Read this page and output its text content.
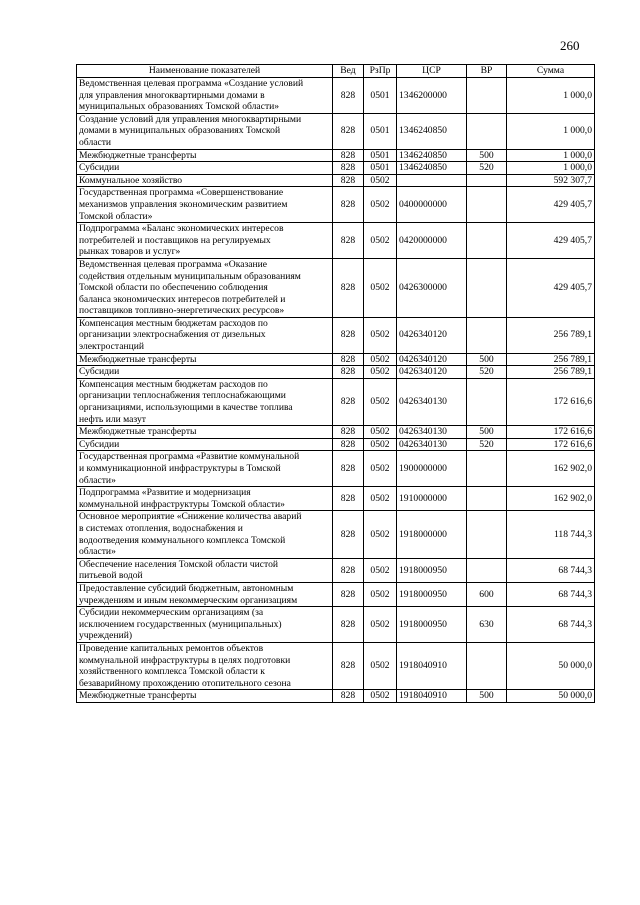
260
Наименование показателей	Вед	РзПр	ЦСР	ВР	Сумма

Ведомственная целевая программа «Создание условий
для управления многоквартирными домами в
муниципальных образованиях Томской области»	828	0501	1346200000		1 000,0

Создание условий для управления многоквартирными
домами в муниципальных образованиях Томской
области	828	0501	1346240850		1 000,0

Межбюджетные трансферты	828	0501	1346240850	500	1 000,0

Субсидии	828	0501	1346240850	520	1 000,0

Коммунальное хозяйство	828	0502			592 307,7

Государственная программа «Совершенствование
механизмов управления экономическим развитием
Томской области»	828	0502	0400000000		429 405,7

Подпрограмма «Баланс экономических интересов
потребителей и поставщиков на регулируемых
рынках товаров и услуг»	828	0502	0420000000		429 405,7

Ведомственная целевая программа «Оказание
содействия отдельным муниципальным образованиям
Томской области по обеспечению соблюдения
баланса экономических интересов потребителей и
поставщиков топливно-энергетических ресурсов»	828	0502	0426300000		429 405,7

Компенсация местным бюджетам расходов по
организации электроснабжения от дизельных
электростанций	828	0502	0426340120		256 789,1

Межбюджетные трансферты	828	0502	0426340120	500	256 789,1

Субсидии	828	0502	0426340120	520	256 789,1

Компенсация местным бюджетам расходов по
организации теплоснабжения теплоснабжающими
организациями, использующими в качестве топлива
нефть или мазут	828	0502	0426340130		172 616,6

Межбюджетные трансферты	828	0502	0426340130	500	172 616,6

Субсидии	828	0502	0426340130	520	172 616,6

Государственная программа «Развитие коммунальной
и коммуникационной инфраструктуры в Томской
области»	828	0502	1900000000		162 902,0

Подпрограмма «Развитие и модернизация
коммунальной инфраструктуры Томской области»	828	0502	1910000000		162 902,0

Основное мероприятие «Снижение количества аварий
в системах отопления, водоснабжения и
водоотведения коммунального комплекса Томской
области»	828	0502	1918000000		118 744,3

Обеспечение населения Томской области чистой
питьевой водой	828	0502	1918000950		68 744,3

Предоставление субсидий бюджетным, автономным
учреждениям и иным некоммерческим организациям	828	0502	1918000950	600	68 744,3

Субсидии некоммерческим организациям (за
исключением государственных (муниципальных)
учреждений)	828	0502	1918000950	630	68 744,3

Проведение капитальных ремонтов объектов
коммунальной инфраструктуры в целях подготовки
хозяйственного комплекса Томской области к
безаварийному прохождению отопительного сезона	828	0502	1918040910		50 000,0

Межбюджетные трансферты	828	0502	1918040910	500	50 000,0
